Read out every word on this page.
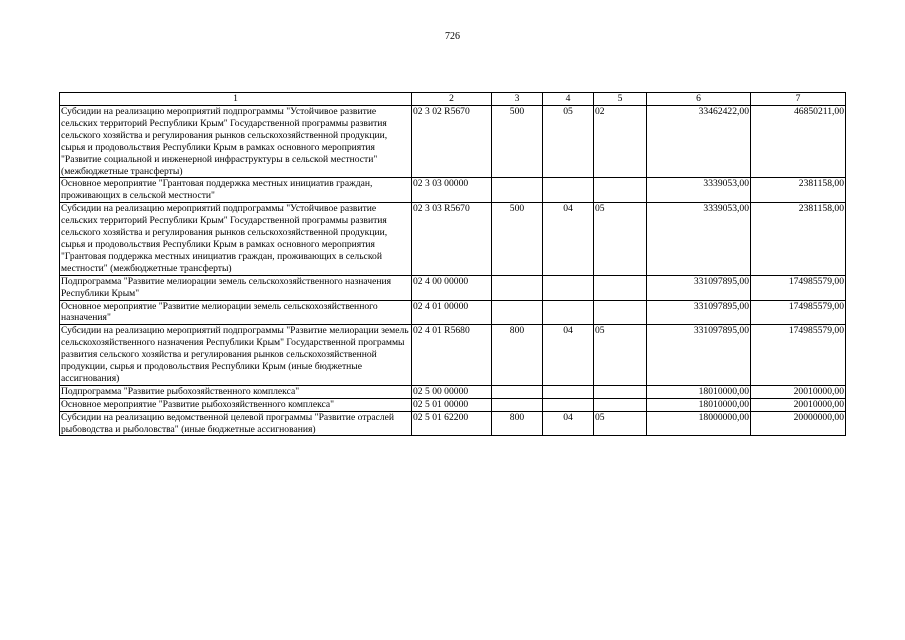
726
1	2	3	4	5	6	7
Субсидии на реализацию мероприятий подпрограммы "Устойчивое развитие сельских территорий Республики Крым" Государственной программы развития сельского хозяйства и регулирования рынков сельскохозяйственной продукции, сырья и продовольствия Республики Крым в рамках основного мероприятия "Развитие социальной и инженерной инфраструктуры в сельской местности" (межбюджетные трансферты)	02 3 02 R5670	500	05	02	33462422,00	46850211,00
Основное мероприятие "Грантовая поддержка местных инициатив граждан, проживающих в сельской местности"	02 3 03 00000				3339053,00	2381158,00
Субсидии на реализацию мероприятий подпрограммы "Устойчивое развитие сельских территорий Республики Крым" Государственной программы развития сельского хозяйства и регулирования рынков сельскохозяйственной продукции, сырья и продовольствия Республики Крым в рамках основного мероприятия "Грантовая поддержка местных инициатив граждан, проживающих в сельской местности" (межбюджетные трансферты)	02 3 03 R5670	500	04	05	3339053,00	2381158,00
Подпрограмма "Развитие мелиорации земель сельскохозяйственного назначения Республики Крым"	02 4 00 00000				331097895,00	174985579,00
Основное мероприятие "Развитие мелиорации земель сельскохозяйственного назначения"	02 4 01 00000				331097895,00	174985579,00
Субсидии на реализацию мероприятий подпрограммы "Развитие мелиорации земель сельскохозяйственного назначения Республики Крым" Государственной программы развития сельского хозяйства и регулирования рынков сельскохозяйственной продукции, сырья и продовольствия Республики Крым (иные бюджетные ассигнования)	02 4 01 R5680	800	04	05	331097895,00	174985579,00
Подпрограмма "Развитие рыбохозяйственного комплекса"	02 5 00 00000				18010000,00	20010000,00
Основное мероприятие "Развитие рыбохозяйственного комплекса"	02 5 01 00000				18010000,00	20010000,00
Субсидии на реализацию ведомственной целевой программы "Развитие отраслей рыбоводства и рыболовства" (иные бюджетные ассигнования)	02 5 01 62200	800	04	05	18000000,00	20000000,00
